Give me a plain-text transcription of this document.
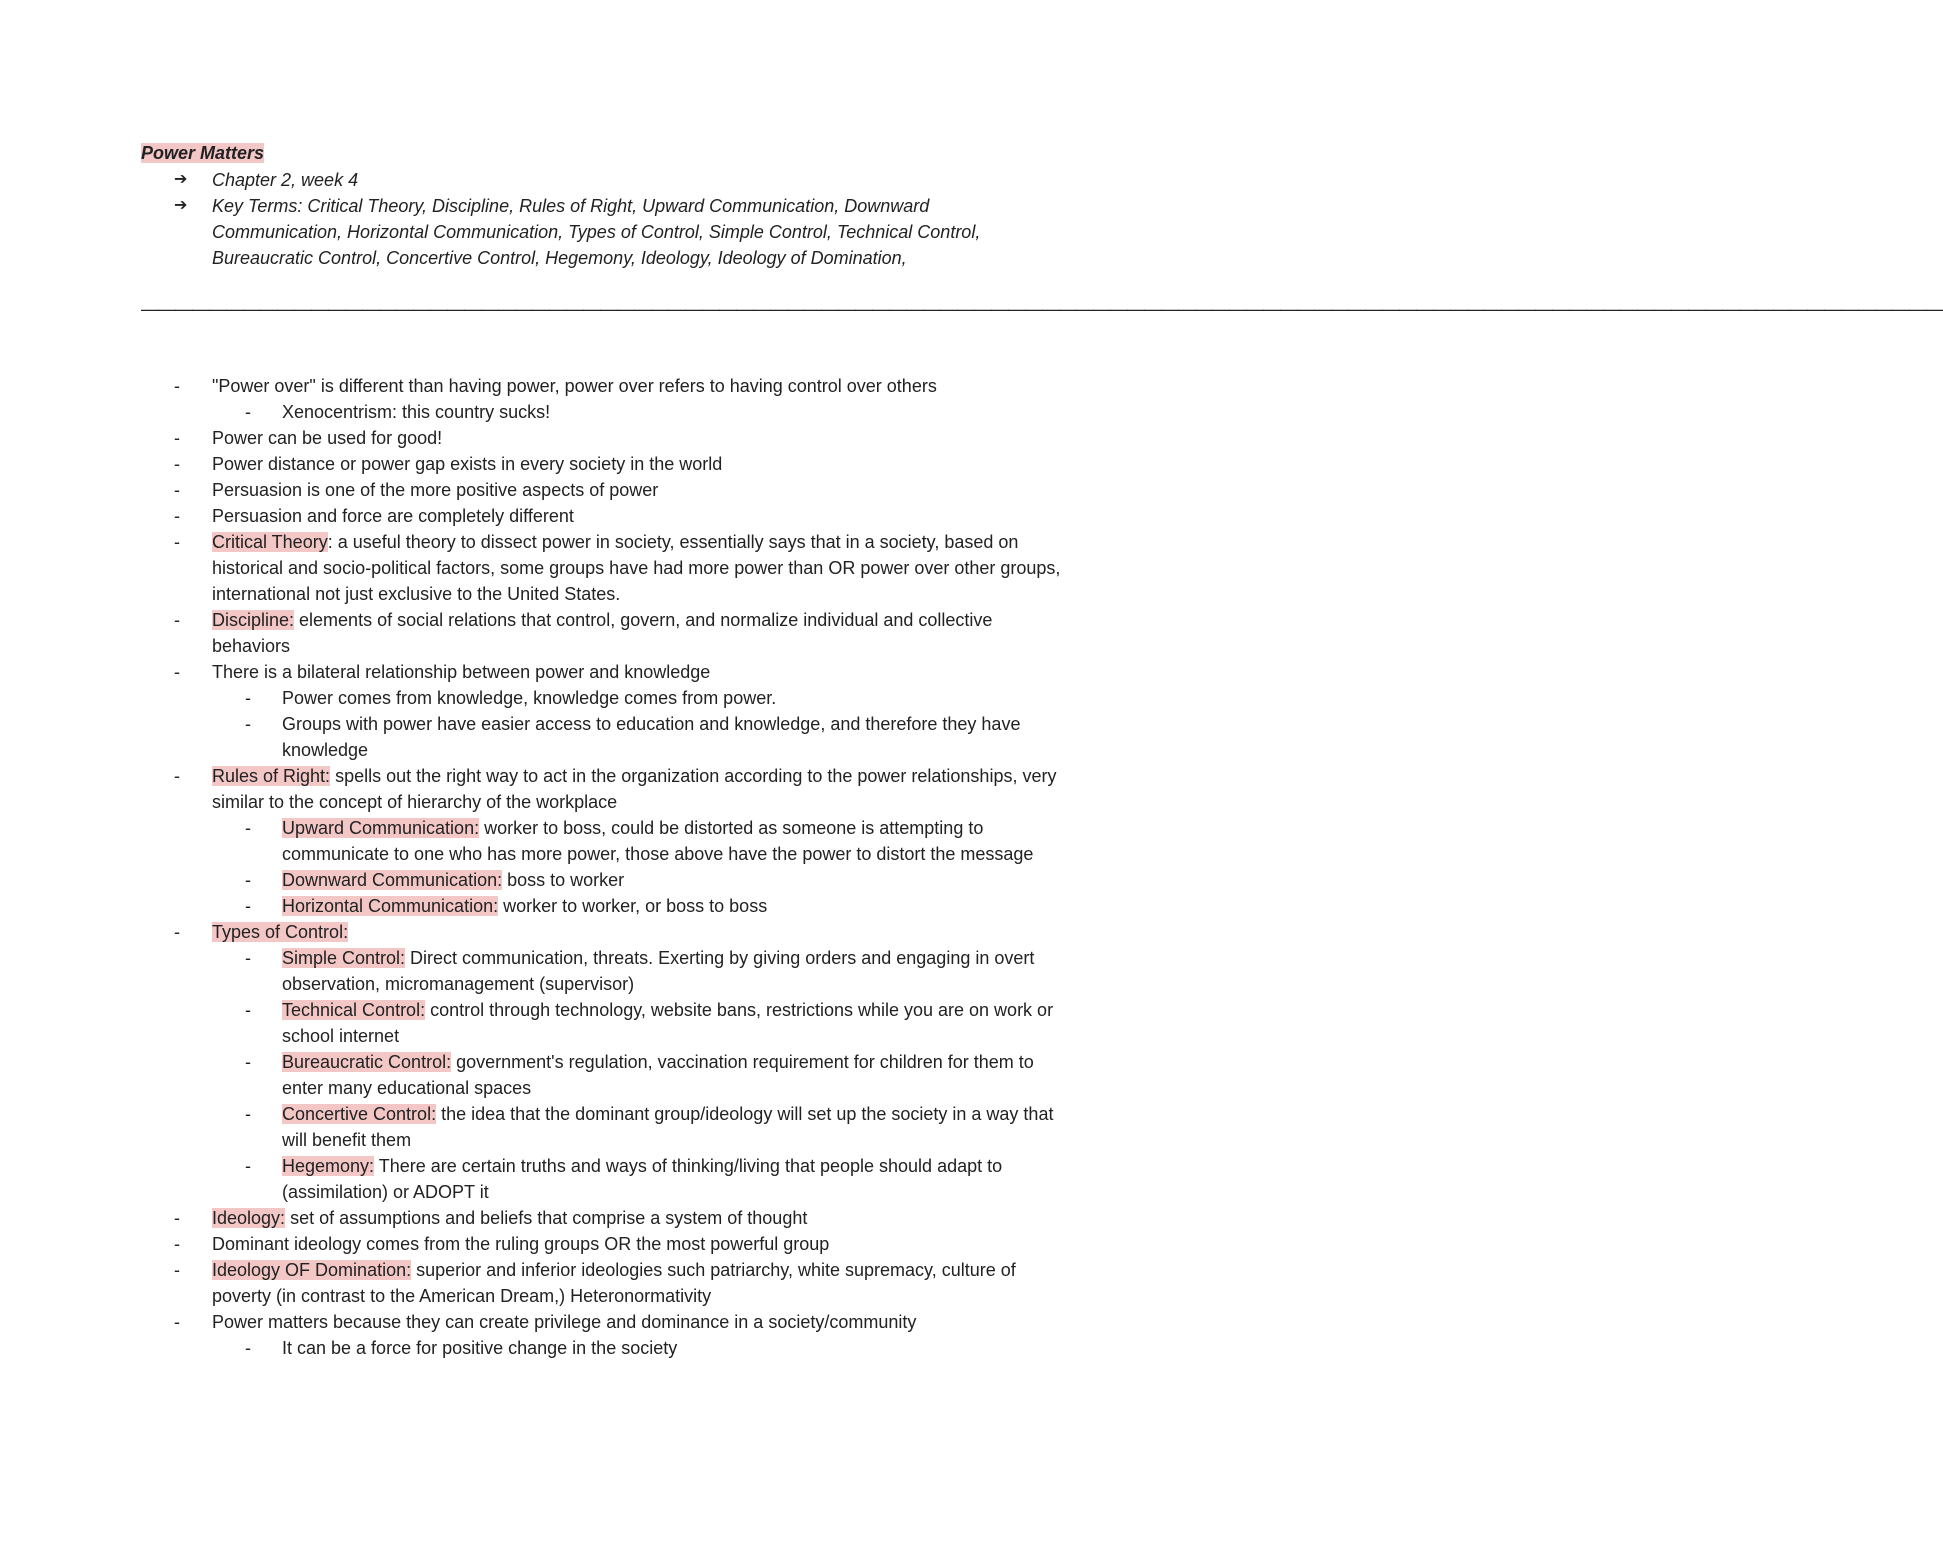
Power Matters
➔ Chapter 2, week 4
➔ Key Terms: Critical Theory, Discipline, Rules of Right, Upward Communication, Downward Communication, Horizontal Communication, Types of Control, Simple Control, Technical Control, Bureaucratic Control, Concertive Control, Hegemony, Ideology, Ideology of Domination,
——————————————————————————————————————————————————————————————————————————————————————————————————————————
- "Power over" is different than having power, power over refers to having control over others
- Xenocentrism: this country sucks!
- Power can be used for good!
- Power distance or power gap exists in every society in the world
- Persuasion is one of the more positive aspects of power
- Persuasion and force are completely different
- Critical Theory: a useful theory to dissect power in society, essentially says that in a society, based on historical and socio-political factors, some groups have had more power than OR power over other groups, international not just exclusive to the United States.
- Discipline: elements of social relations that control, govern, and normalize individual and collective behaviors
- There is a bilateral relationship between power and knowledge
- Power comes from knowledge, knowledge comes from power.
- Groups with power have easier access to education and knowledge, and therefore they have knowledge
- Rules of Right: spells out the right way to act in the organization according to the power relationships, very similar to the concept of hierarchy of the workplace
- Upward Communication: worker to boss, could be distorted as someone is attempting to communicate to one who has more power, those above have the power to distort the message
- Downward Communication: boss to worker
- Horizontal Communication: worker to worker, or boss to boss
- Types of Control:
- Simple Control: Direct communication, threats. Exerting by giving orders and engaging in overt observation, micromanagement (supervisor)
- Technical Control: control through technology, website bans, restrictions while you are on work or school internet
- Bureaucratic Control: government's regulation, vaccination requirement for children for them to enter many educational spaces
- Concertive Control: the idea that the dominant group/ideology will set up the society in a way that will benefit them
- Hegemony: There are certain truths and ways of thinking/living that people should adapt to (assimilation) or ADOPT it
- Ideology: set of assumptions and beliefs that comprise a system of thought
- Dominant ideology comes from the ruling groups OR the most powerful group
- Ideology OF Domination: superior and inferior ideologies such patriarchy, white supremacy, culture of poverty (in contrast to the American Dream,) Heteronormativity
- Power matters because they can create privilege and dominance in a society/community
- It can be a force for positive change in the society
